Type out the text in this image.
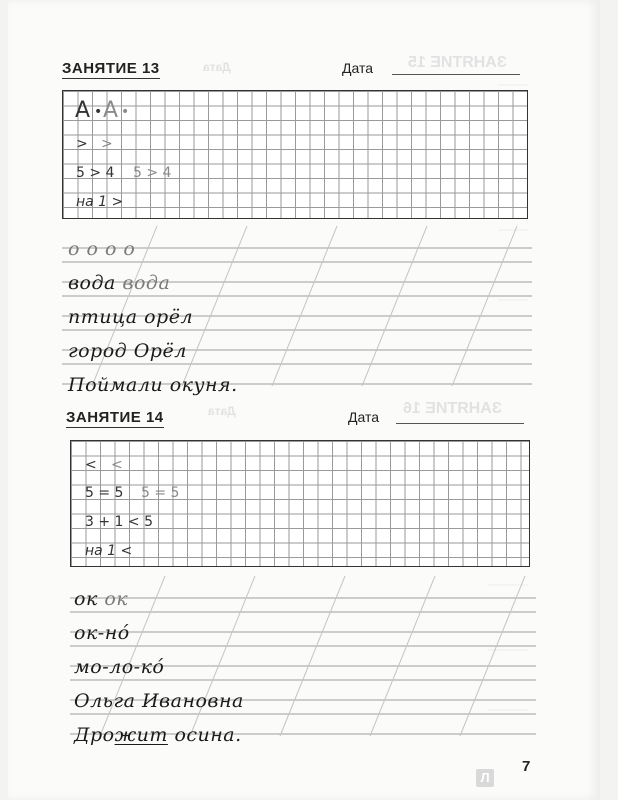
ЗАНЯТИЕ 15
Дата
ЗАНЯТИЕ 16
Дата
ЗАНЯТИЕ 13	Дата
А • А •
> >
5 > 4 5 > 4
на 1 >
о о о о
вода вода
птица орёл
город Орёл
Поймали окуня.
ЗАНЯТИЕ 14	Дата
< <
5 = 5 5 = 5
3 + 1 < 5
на 1 <
ок ок
ок-но́
мо-ло-ко́
Ольга Ивановна
Дрожит осина.
7
Л
